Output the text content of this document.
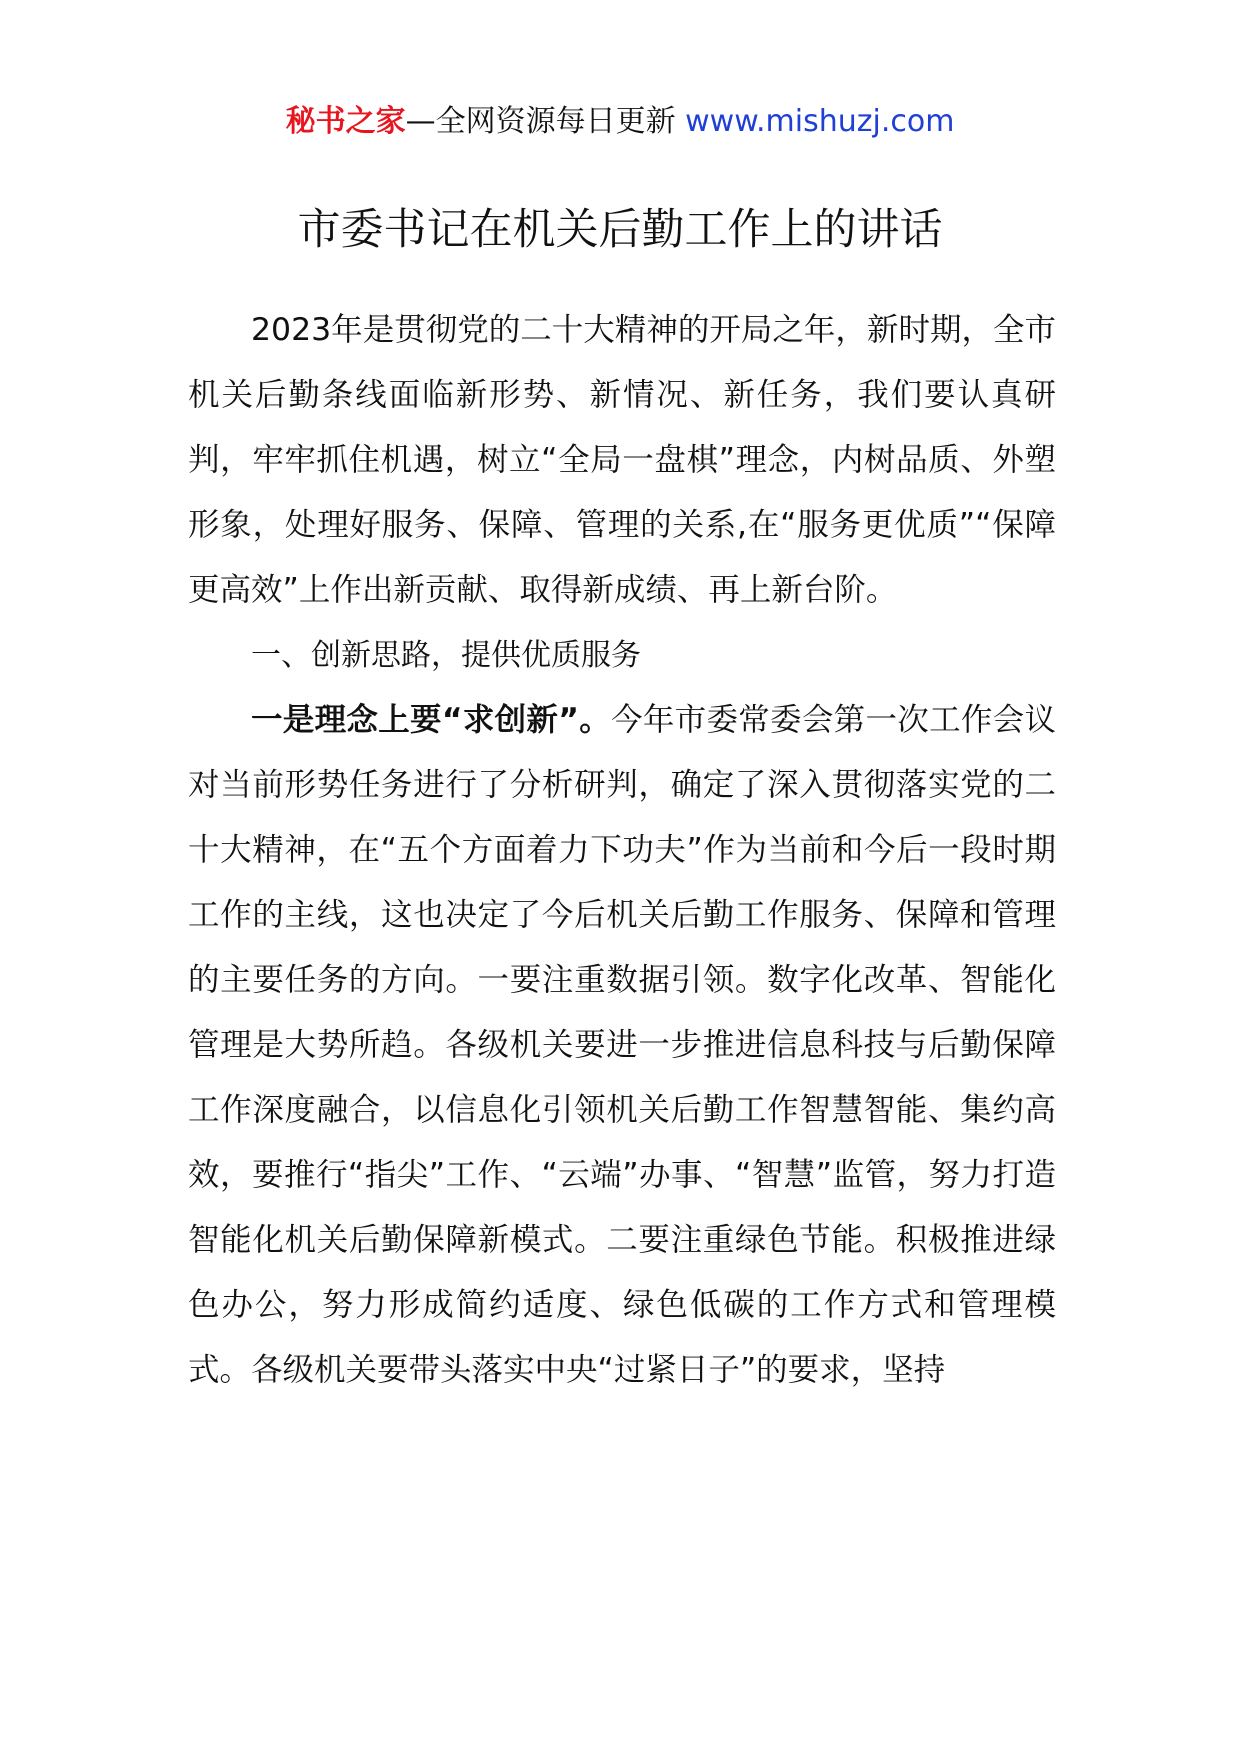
秘书之家—全网资源每日更新 www.mishuzj.com
市委书记在机关后勤工作上的讲话

2023年是贯彻党的二十大精神的开局之年，新时期，全市机关后勤条线面临新形势、新情况、新任务，我们要认真研判，牢牢抓住机遇，树立“全局一盘棋”理念，内树品质、外塑形象，处理好服务、保障、管理的关系,在“服务更优质”“保障更高效”上作出新贡献、取得新成绩、再上新台阶。

一、创新思路，提供优质服务

一是理念上要“求创新”。今年市委常委会第一次工作会议对当前形势任务进行了分析研判，确定了深入贯彻落实党的二十大精神，在“五个方面着力下功夫”作为当前和今后一段时期工作的主线，这也决定了今后机关后勤工作服务、保障和管理的主要任务的方向。一要注重数据引领。数字化改革、智能化管理是大势所趋。各级机关要进一步推进信息科技与后勤保障工作深度融合，以信息化引领机关后勤工作智慧智能、集约高效，要推行“指尖”工作、“云端”办事、“智慧”监管，努力打造智能化机关后勤保障新模式。二要注重绿色节能。积极推进绿色办公，努力形成简约适度、绿色低碳的工作方式和管理模式。各级机关要带头落实中央“过紧日子”的要求，坚持
